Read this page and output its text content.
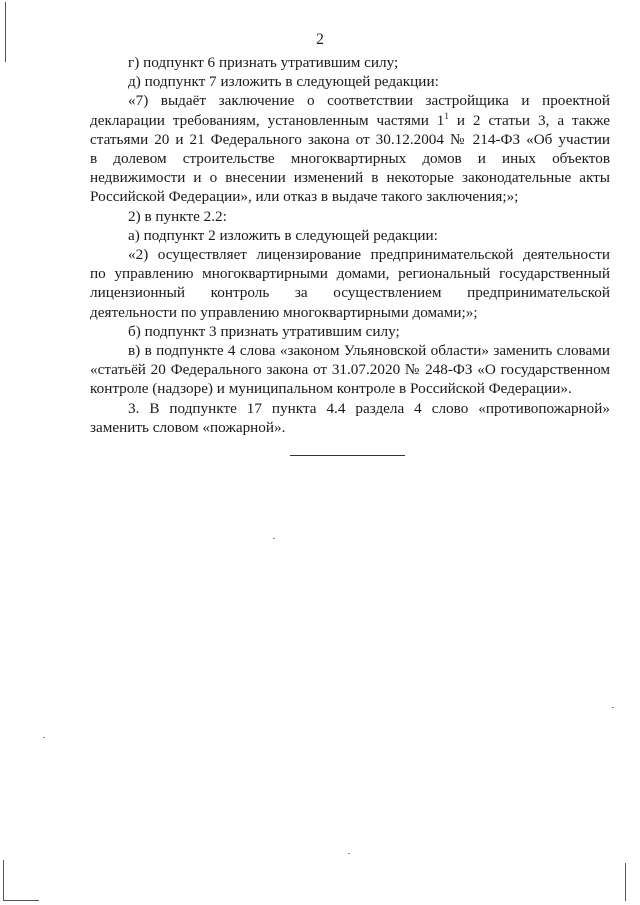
2

г) подпункт 6 признать утратившим силу;

д) подпункт 7 изложить в следующей редакции:

«7) выдаёт заключение о соответствии застройщика и проектной
декларации требованиям, установленным частями $1^1$ и 2 статьи 3, а также
статьями 20 и 21 Федерального закона от 30.12.2004 № 214-ФЗ «Об участии
в долевом строительстве многоквартирных домов и иных объектов
недвижимости и о внесении изменений в некоторые законодательные акты
Российской Федерации», или отказ в выдаче такого заключения;»;

2) в пункте 2.2:

а) подпункт 2 изложить в следующей редакции:

«2) осуществляет лицензирование предпринимательской деятельности
по управлению многоквартирными домами, региональный государственный
лицензионный контроль за осуществлением предпринимательской
деятельности по управлению многоквартирными домами;»;

б) подпункт 3 признать утратившим силу;

в) в подпункте 4 слова «законом Ульяновской области» заменить словами
«статьёй 20 Федерального закона от 31.07.2020 № 248-ФЗ «О государственном
контроле (надзоре) и муниципальном контроле в Российской Федерации».
3. В подпункте 17 пункта 4.4 раздела 4 слово «противопожарной»
заменить словом «пожарной».
